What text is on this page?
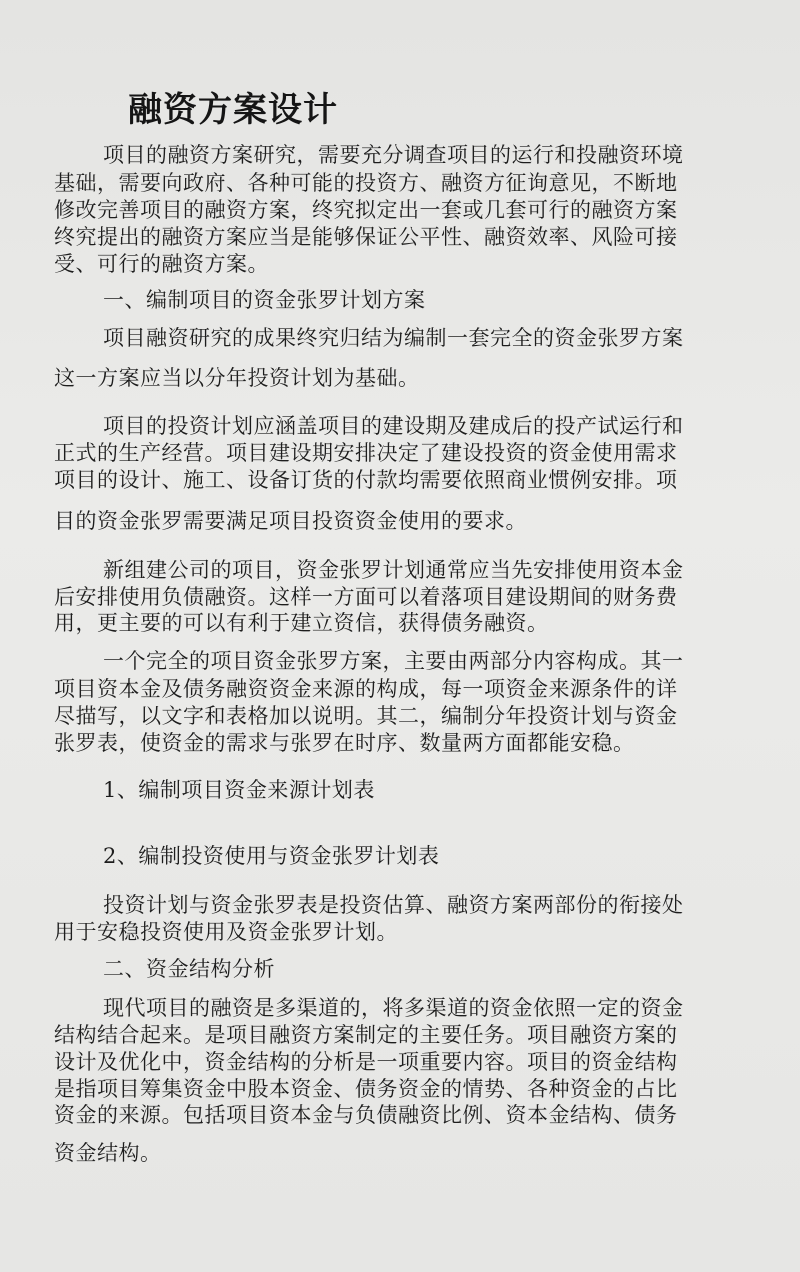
融资方案设计
项目的融资方案研究，需要充分调查项目的运行和投融资环境
基础，需要向政府、各种可能的投资方、融资方征询意见，不断地
修改完善项目的融资方案，终究拟定出一套或几套可行的融资方案
终究提出的融资方案应当是能够保证公平性、融资效率、风险可接
受、可行的融资方案。
一、编制项目的资金张罗计划方案
项目融资研究的成果终究归结为编制一套完全的资金张罗方案
这一方案应当以分年投资计划为基础。
项目的投资计划应涵盖项目的建设期及建成后的投产试运行和
正式的生产经营。项目建设期安排决定了建设投资的资金使用需求
项目的设计、施工、设备订货的付款均需要依照商业惯例安排。项
目的资金张罗需要满足项目投资资金使用的要求。
新组建公司的项目，资金张罗计划通常应当先安排使用资本金
后安排使用负债融资。这样一方面可以着落项目建设期间的财务费
用，更主要的可以有利于建立资信，获得债务融资。
一个完全的项目资金张罗方案，主要由两部分内容构成。其一
项目资本金及债务融资资金来源的构成，每一项资金来源条件的详
尽描写，以文字和表格加以说明。其二，编制分年投资计划与资金
张罗表，使资金的需求与张罗在时序、数量两方面都能安稳。
1、编制项目资金来源计划表
2、编制投资使用与资金张罗计划表
投资计划与资金张罗表是投资估算、融资方案两部份的衔接处
用于安稳投资使用及资金张罗计划。
二、资金结构分析
现代项目的融资是多渠道的，将多渠道的资金依照一定的资金
结构结合起来。是项目融资方案制定的主要任务。项目融资方案的
设计及优化中，资金结构的分析是一项重要内容。项目的资金结构
是指项目筹集资金中股本资金、债务资金的情势、各种资金的占比
资金的来源。包括项目资本金与负债融资比例、资本金结构、债务
资金结构。
